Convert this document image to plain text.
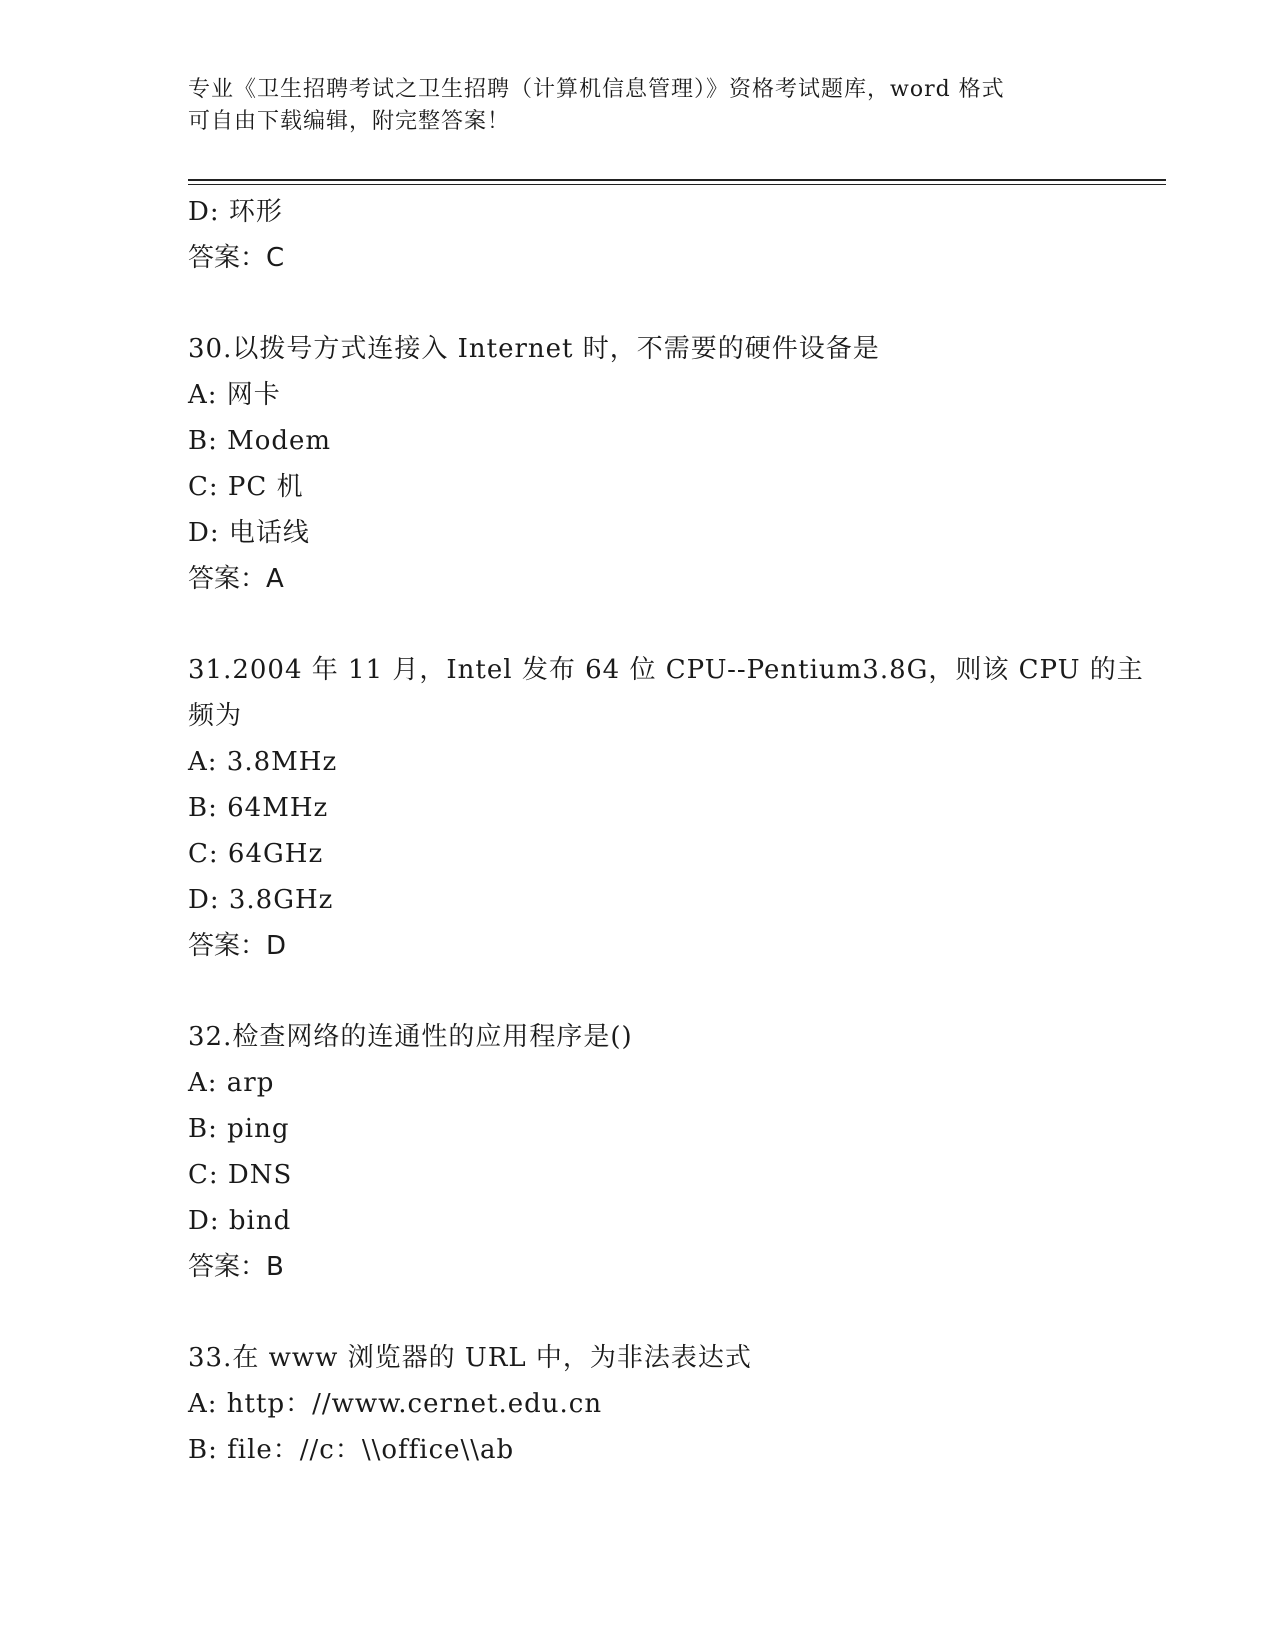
专业《卫生招聘考试之卫生招聘（计算机信息管理）》资格考试题库，word 格式
可自由下载编辑，附完整答案！
D: 环形
答案：C
30.以拨号方式连接入 Internet 时，不需要的硬件设备是
A: 网卡
B: Modem
C: PC 机
D: 电话线
答案：A
31.2004 年 11 月，Intel 发布 64 位 CPU--Pentium3.8G，则该 CPU 的主
频为
A: 3.8MHz
B: 64MHz
C: 64GHz
D: 3.8GHz
答案：D
32.检查网络的连通性的应用程序是()
A: arp
B: ping
C: DNS
D: bind
答案：B
33.在 www 浏览器的 URL 中，为非法表达式
A: http：//www.cernet.edu.cn
B: file：//c：\\office\\ab
